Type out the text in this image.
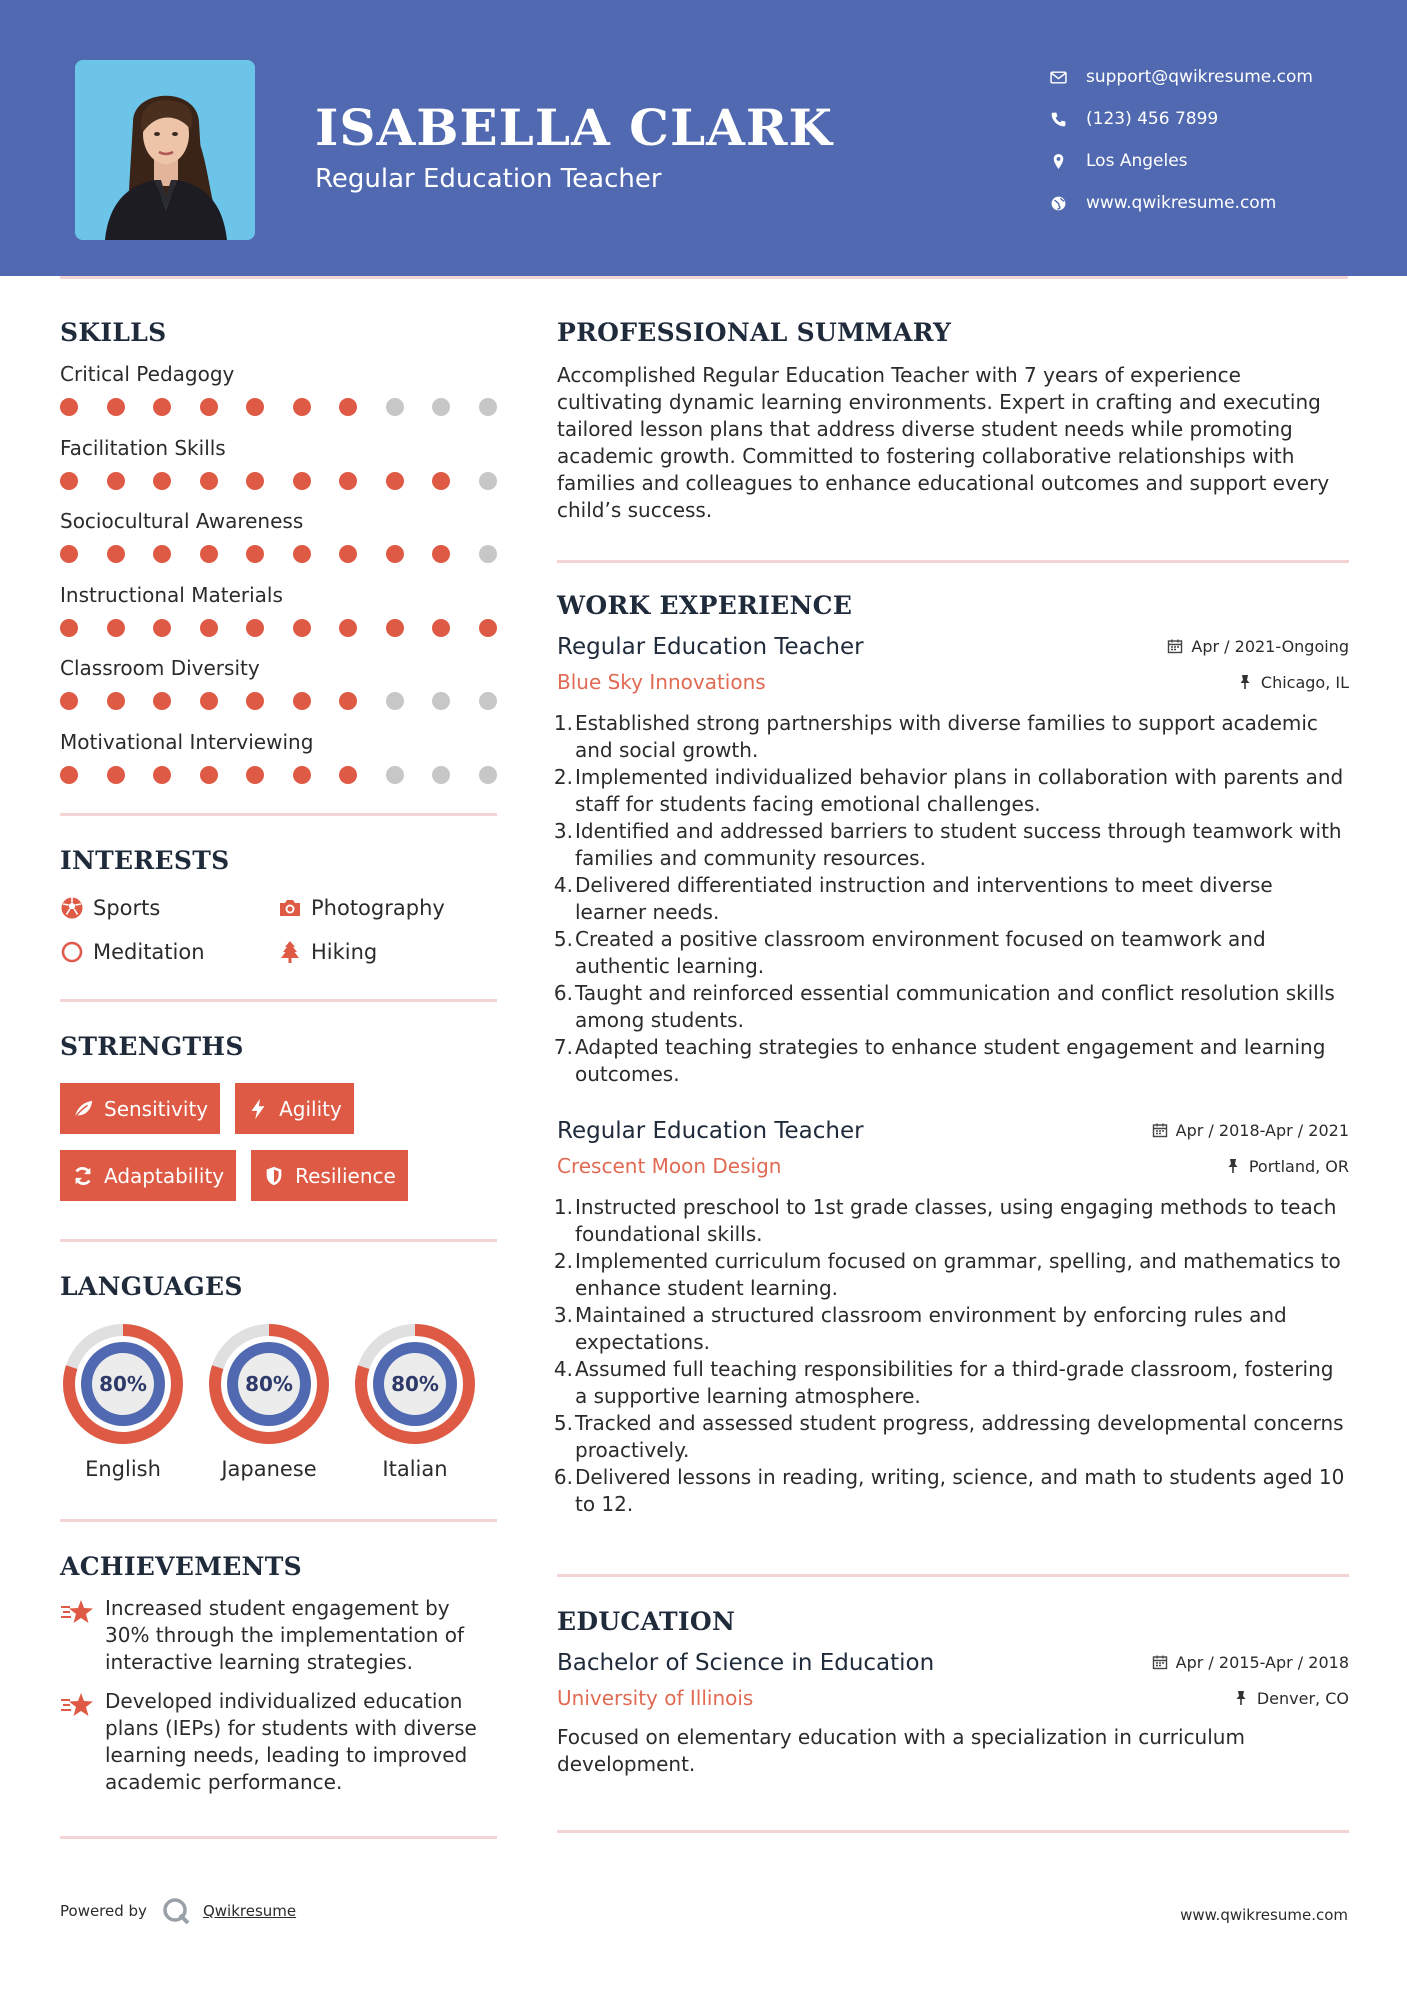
ISABELLA CLARK
Regular Education Teacher
support@qwikresume.com
(123) 456 7899
Los Angeles
www.qwikresume.com
SKILLS
Critical Pedagogy
Facilitation Skills
Sociocultural Awareness
Instructional Materials
Classroom Diversity
Motivational Interviewing
INTERESTS
Sports	Photography
Meditation	Hiking
STRENGTHS
Sensitivity	Agility
Adaptability	Resilience
LANGUAGES
80%
English
80%
Japanese
80%
Italian
ACHIEVEMENTS
Increased student engagement by 30% through the implementation of interactive learning strategies.
Developed individualized education plans (IEPs) for students with diverse learning needs, leading to improved academic performance.
PROFESSIONAL SUMMARY
Accomplished Regular Education Teacher with 7 years of experience cultivating dynamic learning environments. Expert in crafting and executing tailored lesson plans that address diverse student needs while promoting academic growth. Committed to fostering collaborative relationships with families and colleagues to enhance educational outcomes and support every child’s success.
WORK EXPERIENCE
Regular Education Teacher	Apr / 2021-Ongoing
Blue Sky Innovations	Chicago, IL
1. Established strong partnerships with diverse families to support academic and social growth.
2. Implemented individualized behavior plans in collaboration with parents and staff for students facing emotional challenges.
3. Identified and addressed barriers to student success through teamwork with families and community resources.
4. Delivered differentiated instruction and interventions to meet diverse learner needs.
5. Created a positive classroom environment focused on teamwork and authentic learning.
6. Taught and reinforced essential communication and conflict resolution skills among students.
7. Adapted teaching strategies to enhance student engagement and learning outcomes.
Regular Education Teacher	Apr / 2018-Apr / 2021
Crescent Moon Design	Portland, OR
1. Instructed preschool to 1st grade classes, using engaging methods to teach foundational skills.
2. Implemented curriculum focused on grammar, spelling, and mathematics to enhance student learning.
3. Maintained a structured classroom environment by enforcing rules and expectations.
4. Assumed full teaching responsibilities for a third-grade classroom, fostering a supportive learning atmosphere.
5. Tracked and assessed student progress, addressing developmental concerns proactively.
6. Delivered lessons in reading, writing, science, and math to students aged 10 to 12.
EDUCATION
Bachelor of Science in Education	Apr / 2015-Apr / 2018
University of Illinois	Denver, CO
Focused on elementary education with a specialization in curriculum development.
Powered by	Qwikresume	www.qwikresume.com
